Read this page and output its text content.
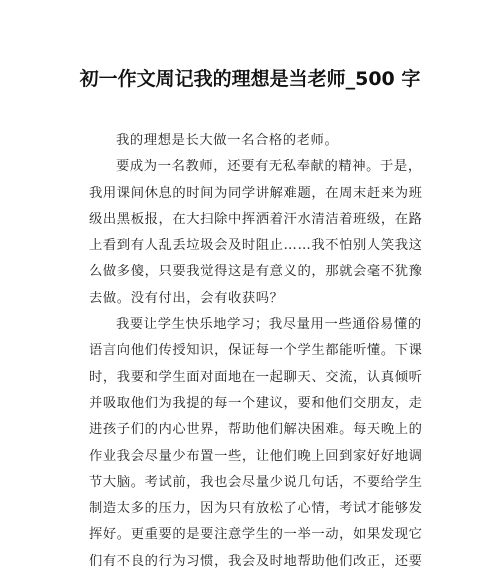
初一作文周记我的理想是当老师_500 字
我的理想是长大做一名合格的老师。
要成为一名教师，还要有无私奉献的精神。于是，
我用课间休息的时间为同学讲解难题，在周末赶来为班
级出黑板报，在大扫除中挥洒着汗水清洁着班级，在路
上看到有人乱丢垃圾会及时阻止……我不怕别人笑我这
么做多傻，只要我觉得这是有意义的，那就会毫不犹豫
去做。没有付出，会有收获吗？
我要让学生快乐地学习；我尽量用一些通俗易懂的
语言向他们传授知识，保证每一个学生都能听懂。下课
时，我要和学生面对面地在一起聊天、交流，认真倾听
并吸取他们为我提的每一个建议，要和他们交朋友，走
进孩子们的内心世界，帮助他们解决困难。每天晚上的
作业我会尽量少布置一些，让他们晚上回到家好好地调
节大脑。考试前，我也会尽量少说几句话，不要给学生
制造太多的压力，因为只有放松了心情，考试才能够发
挥好。更重要的是要注意学生的一举一动，如果发现它
们有不良的行为习惯，我会及时地帮助他们改正，还要
